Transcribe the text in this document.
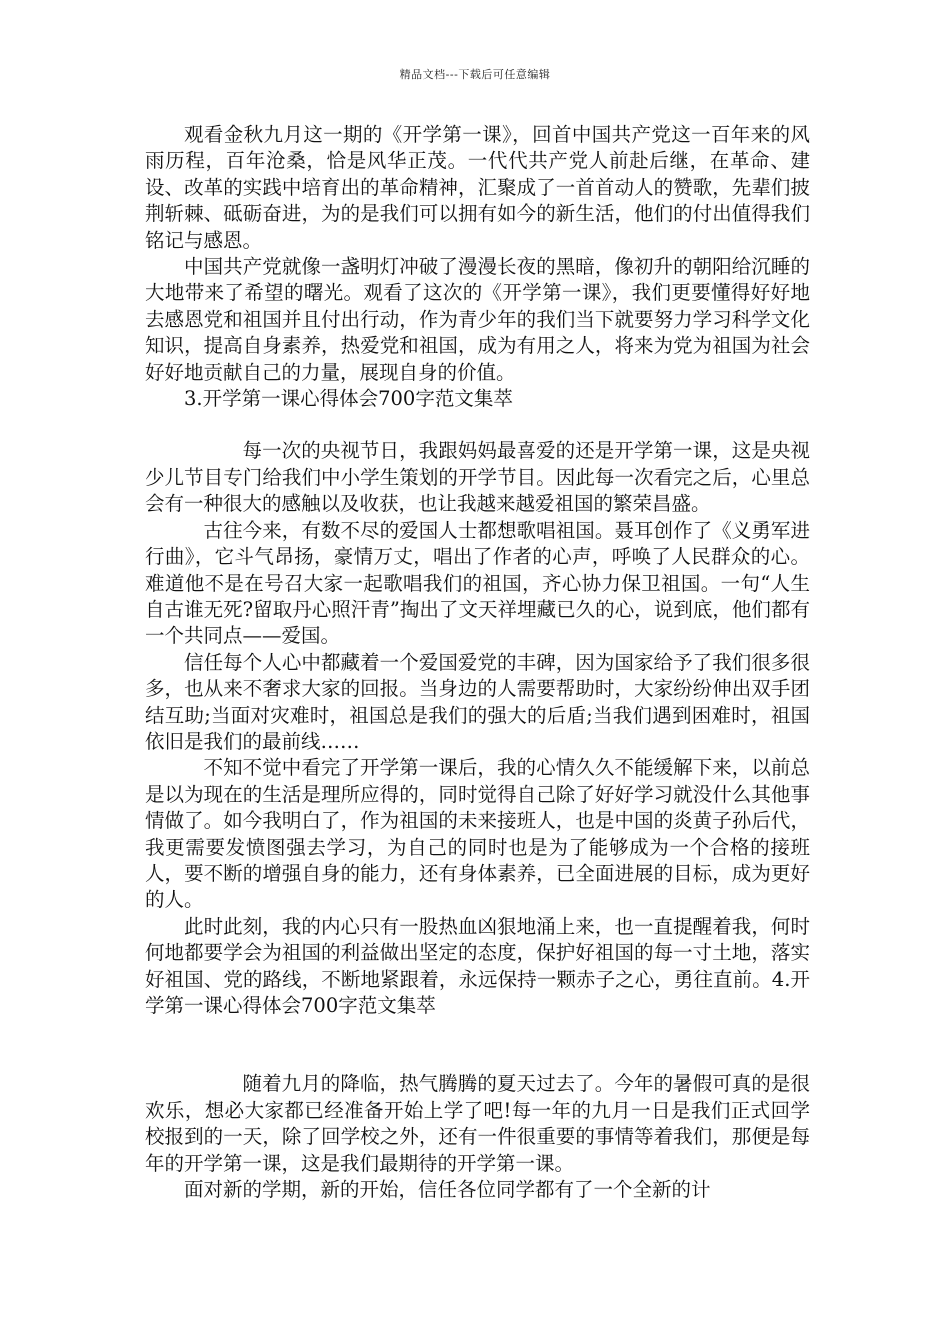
精品文档---下载后可任意编辑

观看金秋九月这一期的《开学第一课》，回首中国共产党这一百年来的风雨历程，百年沧桑，恰是风华正茂。一代代共产党人前赴后继，在革命、建设、改革的实践中培育出的革命精神，汇聚成了一首首动人的赞歌，先辈们披荆斩棘、砥砺奋进，为的是我们可以拥有如今的新生活，他们的付出值得我们铭记与感恩。

中国共产党就像一盏明灯冲破了漫漫长夜的黑暗，像初升的朝阳给沉睡的大地带来了希望的曙光。观看了这次的《开学第一课》，我们更要懂得好好地去感恩党和祖国并且付出行动，作为青少年的我们当下就要努力学习科学文化知识，提高自身素养，热爱党和祖国，成为有用之人，将来为党为祖国为社会好好地贡献自己的力量，展现自身的价值。

3.开学第一课心得体会700字范文集萃

每一次的央视节日，我跟妈妈最喜爱的还是开学第一课，这是央视少儿节目专门给我们中小学生策划的开学节目。因此每一次看完之后，心里总会有一种很大的感触以及收获，也让我越来越爱祖国的繁荣昌盛。

古往今来，有数不尽的爱国人士都想歌唱祖国。聂耳创作了《义勇军进行曲》，它斗气昂扬，豪情万丈，唱出了作者的心声，呼唤了人民群众的心。难道他不是在号召大家一起歌唱我们的祖国，齐心协力保卫祖国。一句“人生自古谁无死?留取丹心照汗青”掏出了文天祥埋藏已久的心，说到底，他们都有一个共同点——爱国。

信任每个人心中都藏着一个爱国爱党的丰碑，因为国家给予了我们很多很多，也从来不奢求大家的回报。当身边的人需要帮助时，大家纷纷伸出双手团结互助;当面对灾难时，祖国总是我们的强大的后盾;当我们遇到困难时，祖国依旧是我们的最前线……

不知不觉中看完了开学第一课后，我的心情久久不能缓解下来，以前总是以为现在的生活是理所应得的，同时觉得自己除了好好学习就没什么其他事情做了。如今我明白了，作为祖国的未来接班人，也是中国的炎黄子孙后代，我更需要发愤图强去学习，为自己的同时也是为了能够成为一个合格的接班人，要不断的增强自身的能力，还有身体素养，已全面进展的目标，成为更好的人。

此时此刻，我的内心只有一股热血凶狠地涌上来，也一直提醒着我，何时何地都要学会为祖国的利益做出坚定的态度，保护好祖国的每一寸土地，落实好祖国、党的路线，不断地紧跟着，永远保持一颗赤子之心，勇往直前。4.开学第一课心得体会700字范文集萃

随着九月的降临，热气腾腾的夏天过去了。今年的暑假可真的是很欢乐，想必大家都已经准备开始上学了吧!每一年的九月一日是我们正式回学校报到的一天，除了回学校之外，还有一件很重要的事情等着我们，那便是每年的开学第一课，这是我们最期待的开学第一课。

面对新的学期，新的开始，信任各位同学都有了一个全新的计
